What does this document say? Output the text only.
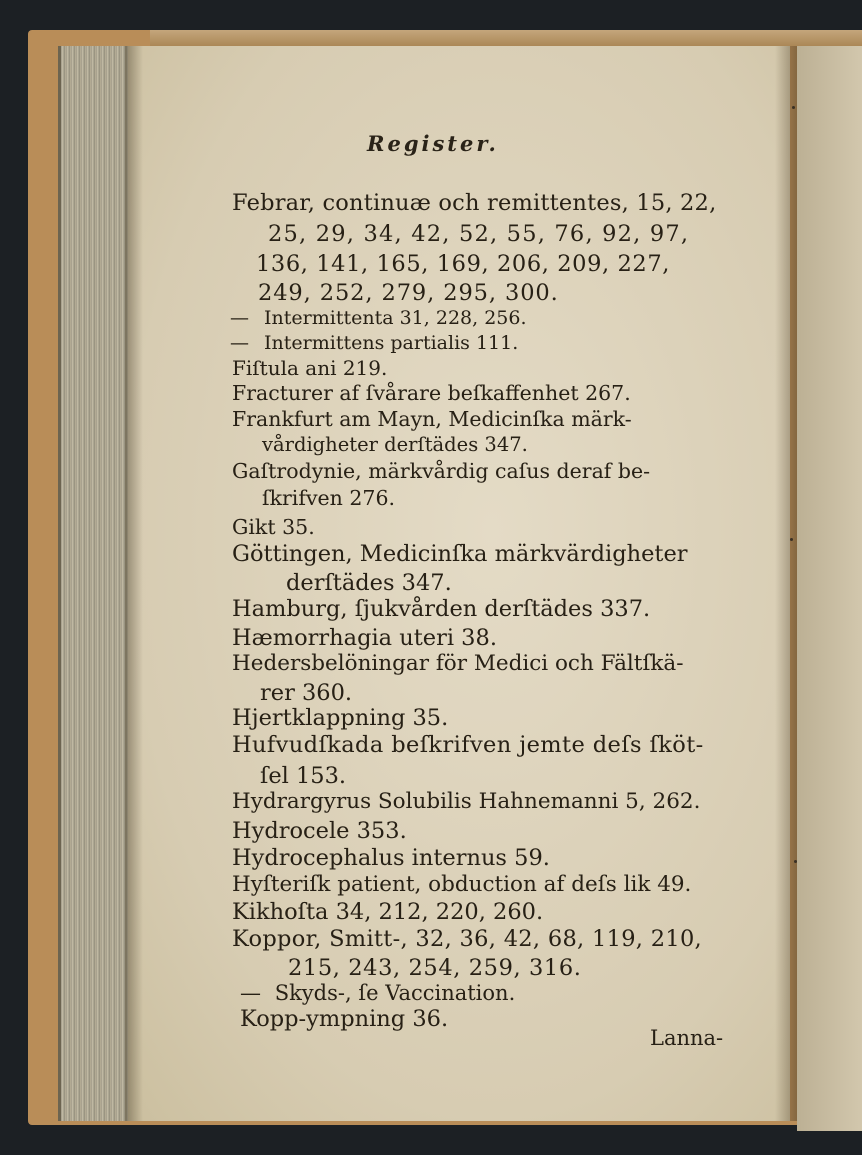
Register.
Febrar, continuæ och remittentes, 15, 22,
25, 29, 34, 42, 52, 55, 76, 92, 97,
136, 141, 165, 169, 206, 209, 227,
249, 252, 279, 295, 300.
— Intermittenta 31, 228, 256.
— Intermittens partialis 111.
Fiſtula ani 219.
Fracturer af ſvårare beſkaffenhet 267.
Frankfurt am Mayn, Medicinſka märk-
vårdigheter derſtädes 347.
Gaſtrodynie, märkvårdig caſus deraf be-
ſkrifven 276.
Gikt 35.
Göttingen, Medicinſka märkvärdigheter
derſtädes 347.
Hamburg, ſjukvården derſtädes 337.
Hæmorrhagia uteri 38.
Hedersbelöningar för Medici och Fältſkä-
rer 360.
Hjertklappning 35.
Hufvudſkada beſkrifven jemte deſs ſköt-
ſel 153.
Hydrargyrus Solubilis Hahnemanni 5, 262.
Hydrocele 353.
Hydrocephalus internus 59.
Hyſteriſk patient, obduction af deſs lik 49.
Kikhoſta 34, 212, 220, 260.
Koppor, Smitt-, 32, 36, 42, 68, 119, 210,
215, 243, 254, 259, 316.
— Skyds-, ſe Vaccination.
Kopp-ympning 36.
Lanna-
